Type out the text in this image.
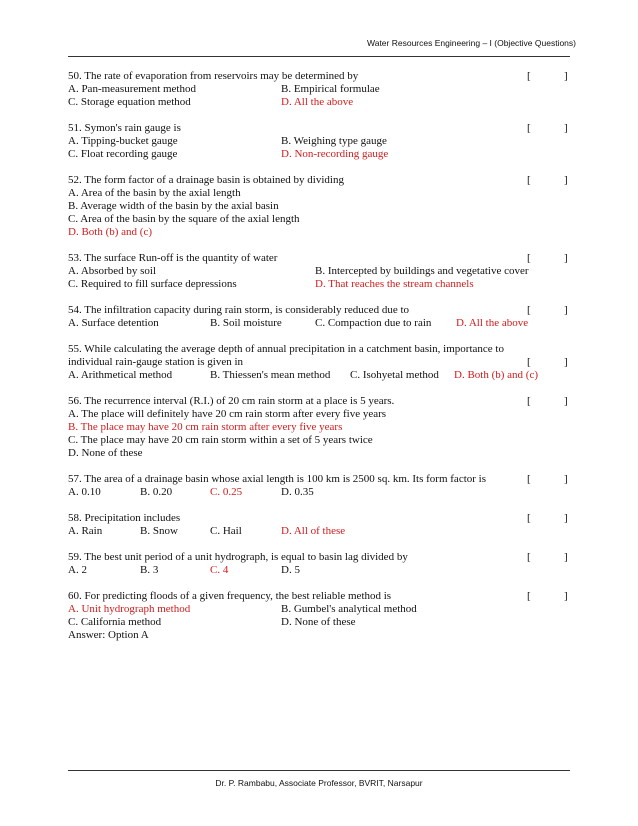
Water Resources Engineering – I (Objective Questions)
50. The rate of evaporation from reservoirs may be determined by	[	]
A. Pan-measurement method	B. Empirical formulae
C. Storage equation method	D. All the above
51. Symon's rain gauge is	[	]
A. Tipping-bucket gauge	B. Weighing type gauge
C. Float recording gauge	D. Non-recording gauge
52. The form factor of a drainage basin is obtained by dividing	[	]
A. Area of the basin by the axial length
B. Average width of the basin by the axial basin
C. Area of the basin by the square of the axial length
D. Both (b) and (c)
53. The surface Run-off is the quantity of water	[	]
A. Absorbed by soil	B. Intercepted by buildings and vegetative cover
C. Required to fill surface depressions	D. That reaches the stream channels
54. The infiltration capacity during rain storm, is considerably reduced due to	[	]
A. Surface detention	B. Soil moisture	C. Compaction due to rain D. All the above
55. While calculating the average depth of annual precipitation in a catchment basin, importance to
individual rain-gauge station is given in	[	]
A. Arithmetical method	B. Thiessen's mean method C. Isohyetal method D. Both (b) and (c)
56. The recurrence interval (R.I.) of 20 cm rain storm at a place is 5 years.	[	]
A. The place will definitely have 20 cm rain storm after every five years
B. The place may have 20 cm rain storm after every five years
C. The place may have 20 cm rain storm within a set of 5 years twice
D. None of these
57. The area of a drainage basin whose axial length is 100 km is 2500 sq. km. Its form factor is	[	]
A. 0.10	B. 0.20	C. 0.25	D. 0.35
58. Precipitation includes	[	]
A. Rain	B. Snow	C. Hail	D. All of these
59. The best unit period of a unit hydrograph, is equal to basin lag divided by	[	]
A. 2	B. 3	C. 4	D. 5
60. For predicting floods of a given frequency, the best reliable method is	[	]
A. Unit hydrograph method	B. Gumbel's analytical method
C. California method	D. None of these
Answer: Option A
Dr. P. Rambabu, Associate Professor, BVRIT, Narsapur
